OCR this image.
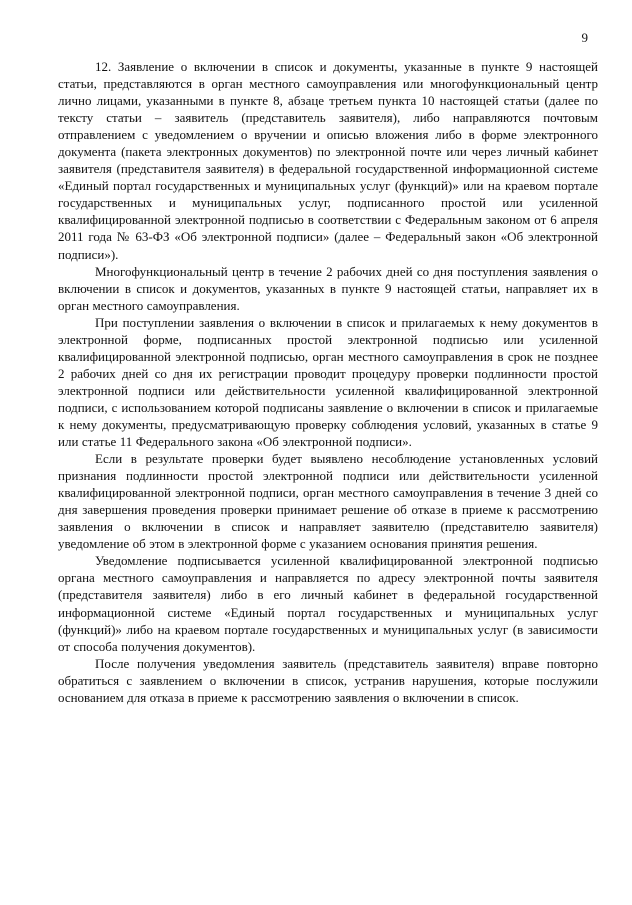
9

12. Заявление о включении в список и документы, указанные в пункте 9 настоящей статьи, представляются в орган местного самоуправления или многофункциональный центр лично лицами, указанными в пункте 8, абзаце третьем пункта 10 настоящей статьи (далее по тексту статьи – заявитель (представитель заявителя), либо направляются почтовым отправлением с уведомлением о вручении и описью вложения либо в форме электронного документа (пакета электронных документов) по электронной почте или через личный кабинет заявителя (представителя заявителя) в федеральной государственной информационной системе «Единый портал государственных и муниципальных услуг (функций)» или на краевом портале государственных и муниципальных услуг, подписанного простой или усиленной квалифицированной электронной подписью в соответствии с Федеральным законом от 6 апреля 2011 года № 63-ФЗ «Об электронной подписи» (далее – Федеральный закон «Об электронной подписи»).

Многофункциональный центр в течение 2 рабочих дней со дня поступления заявления о включении в список и документов, указанных в пункте 9 настоящей статьи, направляет их в орган местного самоуправления.

При поступлении заявления о включении в список и прилагаемых к нему документов в электронной форме, подписанных простой электронной подписью или усиленной квалифицированной электронной подписью, орган местного самоуправления в срок не позднее 2 рабочих дней со дня их регистрации проводит процедуру проверки подлинности простой электронной подписи или действительности усиленной квалифицированной электронной подписи, с использованием которой подписаны заявление о включении в список и прилагаемые к нему документы, предусматривающую проверку соблюдения условий, указанных в статье 9 или статье 11 Федерального закона «Об электронной подписи».

Если в результате проверки будет выявлено несоблюдение установленных условий признания подлинности простой электронной подписи или действительности усиленной квалифицированной электронной подписи, орган местного самоуправления в течение 3 дней со дня завершения проведения проверки принимает решение об отказе в приеме к рассмотрению заявления о включении в список и направляет заявителю (представителю заявителя) уведомление об этом в электронной форме с указанием основания принятия решения.

Уведомление подписывается усиленной квалифицированной электронной подписью органа местного самоуправления и направляется по адресу электронной почты заявителя (представителя заявителя) либо в его личный кабинет в федеральной государственной информационной системе «Единый портал государственных и муниципальных услуг (функций)» либо на краевом портале государственных и муниципальных услуг (в зависимости от способа получения документов).

После получения уведомления заявитель (представитель заявителя) вправе повторно обратиться с заявлением о включении в список, устранив нарушения, которые послужили основанием для отказа в приеме к рассмотрению заявления о включении в список.
